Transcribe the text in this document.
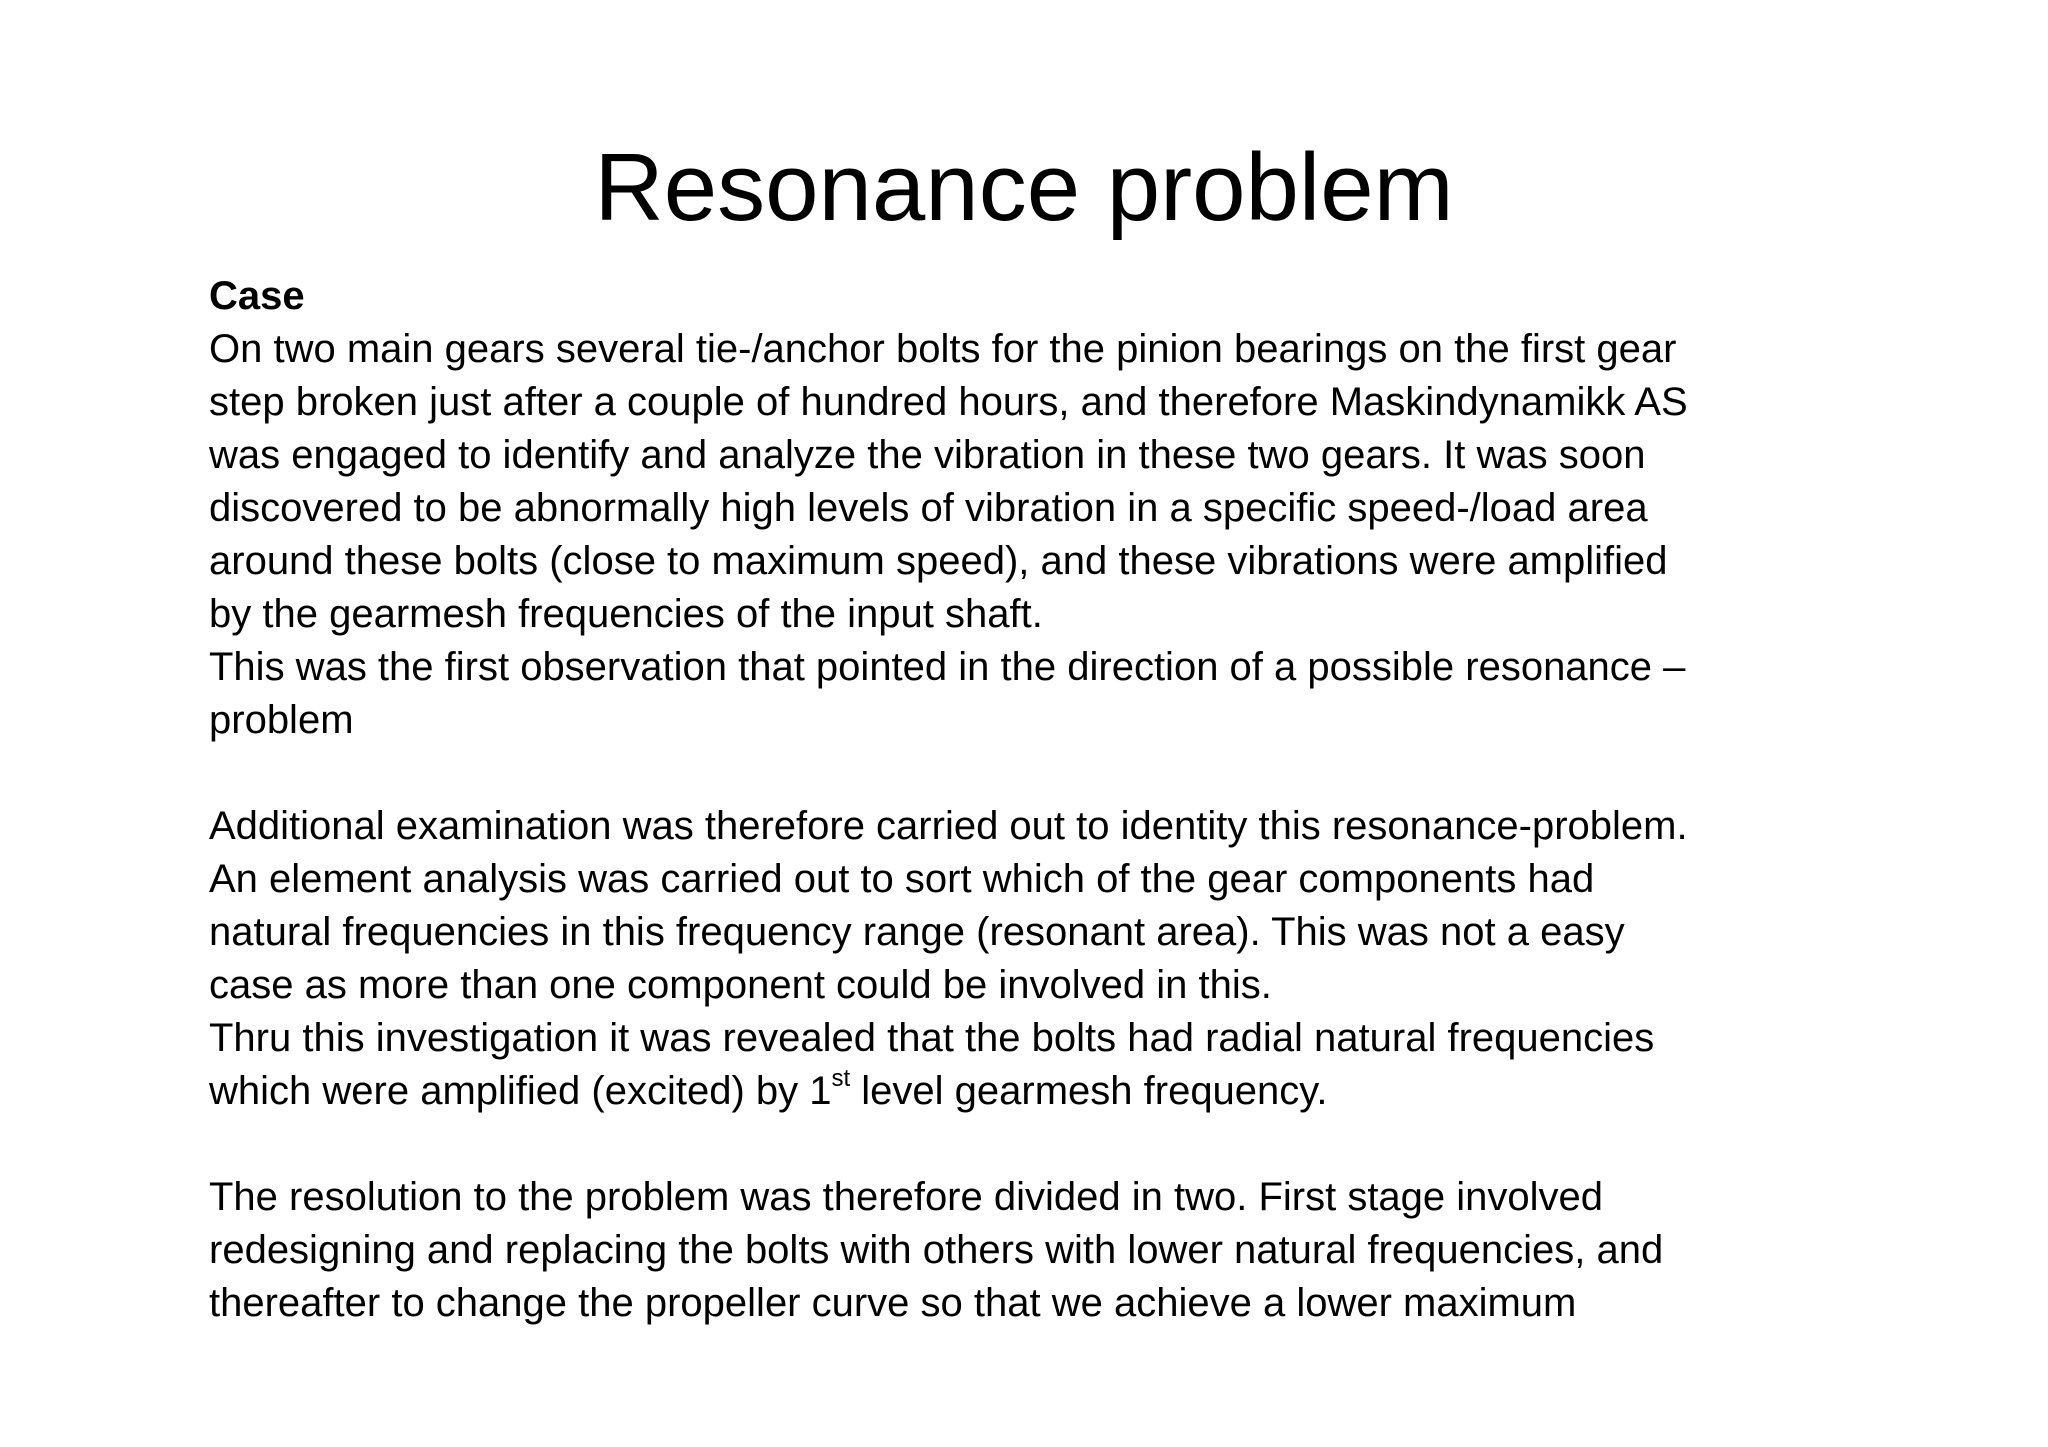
Resonance problem
Case
On two main gears several tie-/anchor bolts for the pinion bearings on the first gear
step broken just after a couple of hundred hours, and therefore Maskindynamikk AS
was engaged to identify and analyze the vibration in these two gears. It was soon
discovered to be abnormally high levels of vibration in a specific speed-/load area
around these bolts (close to maximum speed), and these vibrations were amplified
by the gearmesh frequencies of the input shaft.
This was the first observation that pointed in the direction of a possible resonance –
problem
Additional examination was therefore carried out to identity this resonance-problem.
An element analysis was carried out to sort which of the gear components had
natural frequencies in this frequency range (resonant area). This was not a easy
case as more than one component could be involved in this.
Thru this investigation it was revealed that the bolts had radial natural frequencies
which were amplified (excited) by 1st level gearmesh frequency.
The resolution to the problem was therefore divided in two. First stage involved
redesigning and replacing the bolts with others with lower natural frequencies, and
thereafter to change the propeller curve so that we achieve a lower maximum
